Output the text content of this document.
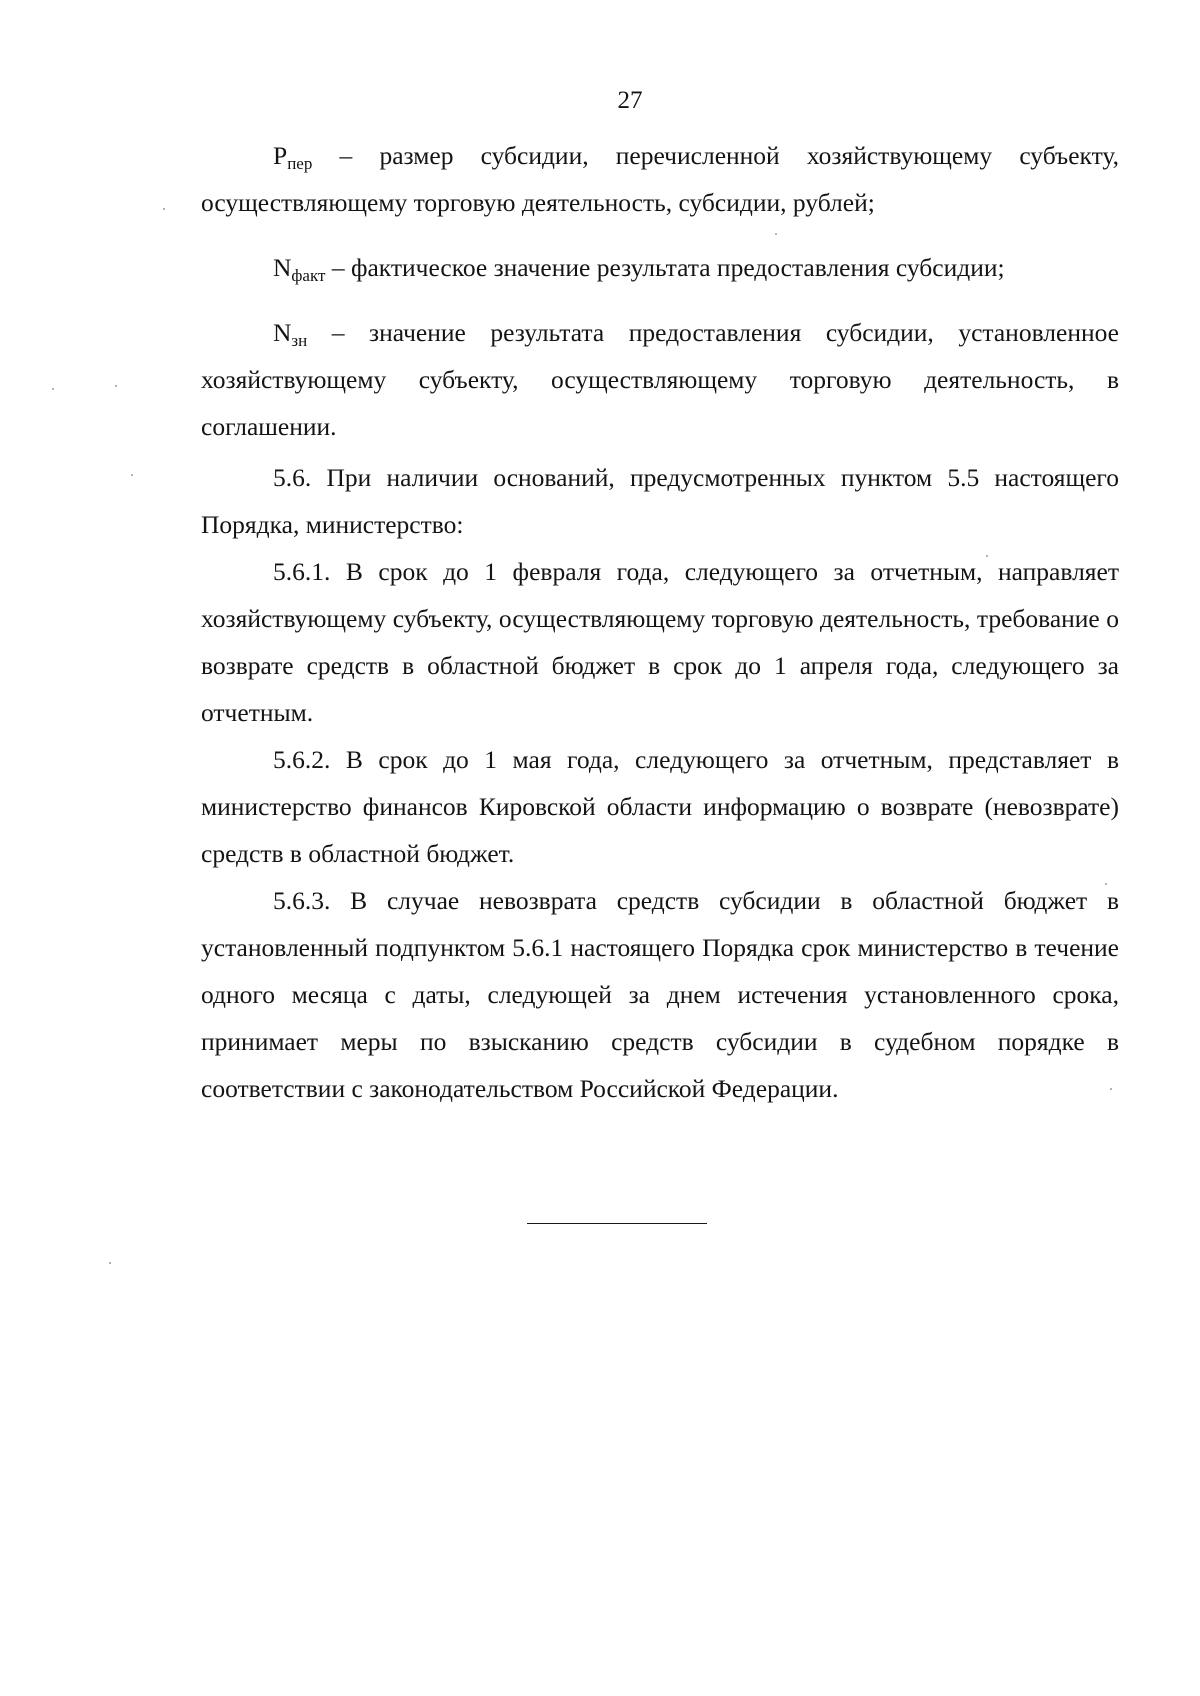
27

$P_{пер}$ – размер субсидии, перечисленной хозяйствующему субъекту, осуществляющему торговую деятельность, субсидии, рублей;

$N_{факт}$ – фактическое значение результата предоставления субсидии;

$N_{зн}$ – значение результата предоставления субсидии, установленное хозяйствующему субъекту, осуществляющему торговую деятельность, в соглашении.

5.6. При наличии оснований, предусмотренных пунктом 5.5 настоящего Порядка, министерство:

5.6.1. В срок до 1 февраля года, следующего за отчетным, направляет хозяйствующему субъекту, осуществляющему торговую деятельность, требование о возврате средств в областной бюджет в срок до 1 апреля года, следующего за отчетным.

5.6.2. В срок до 1 мая года, следующего за отчетным, представляет в министерство финансов Кировской области информацию о возврате (невозврате) средств в областной бюджет.

5.6.3. В случае невозврата средств субсидии в областной бюджет в установленный подпунктом 5.6.1 настоящего Порядка срок министерство в течение одного месяца с даты, следующей за днем истечения установленного срока, принимает меры по взысканию средств субсидии в судебном порядке в соответствии с законодательством Российской Федерации.
